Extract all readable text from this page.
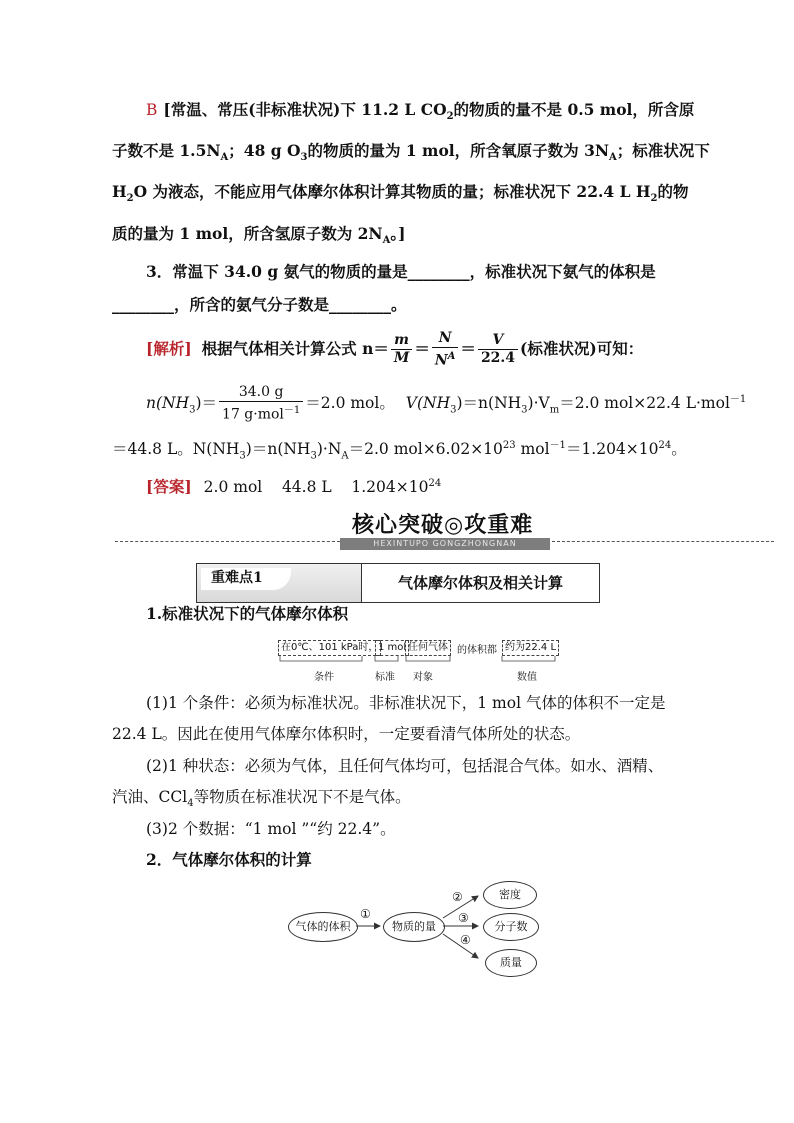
B [常温、常压(非标准状况)下 11.2 L $CO_2$的物质的量不是 0.5 mol，所含原
子数不是 $1.5N_A$；48 g $O_3$的物质的量为 1 mol，所含氧原子数为 $3N_A$；标准状况下
$H_2O$ 为液态，不能应用气体摩尔体积计算其物质的量；标准状况下 22.4 L $H_2$的物
质的量为 1 mol，所含氢原子数为 $2N_A$。]
3．常温下 34.0 g 氨气的物质的量是________，标准状况下氨气的体积是
________，所含的氨气分子数是________。
[解析] 根据气体相关计算公式 $n= \frac{m}{M} = \frac{N}{N^A} = \frac{V}{22.4}$ (标准状况)可知：
$n(NH_3)= \frac{34.0 g}{17 g\cdot mol^{-1}} =2.0$ mol。 $V(NH_3)=n(NH_3)\cdot V_m=2.0$ mol×22.4 L·mol$^{-1}$
＝44.8 L。$N(NH_3)=n(NH_3)\cdot N_A=2.0$ $mol\times 6.02\times 10^{23}$ $mol^{-1}=1.204\times 10^{24}$。
[答案] 2.0 mol    44.8 L    $1.204\times 10^{24}$
核心突破◎攻重难
HEXINTUPO GONGZHONGNAN
重难点1	气体摩尔体积及相关计算
1.标准状况下的气体摩尔体积
在0℃、101 kPa时， 1 mol 任何气体 的体积都 约为22.4 L
条件	标准 对象	数值
(1)1 个条件：必须为标准状况。非标准状况下，1 mol 气体的体积不一定是
22.4 L。因此在使用气体摩尔体积时，一定要看清气体所处的状态。
(2)1 种状态：必须为气体，且任何气体均可，包括混合气体。如水、酒精、
汽油、CCl$_4$等物质在标准状况下不是气体。
(3)2 个数据：“1 mol ”“约 22.4”。
2．气体摩尔体积的计算
气体的体积	物质的量
密度
分子数
质量
①
②
③
④
